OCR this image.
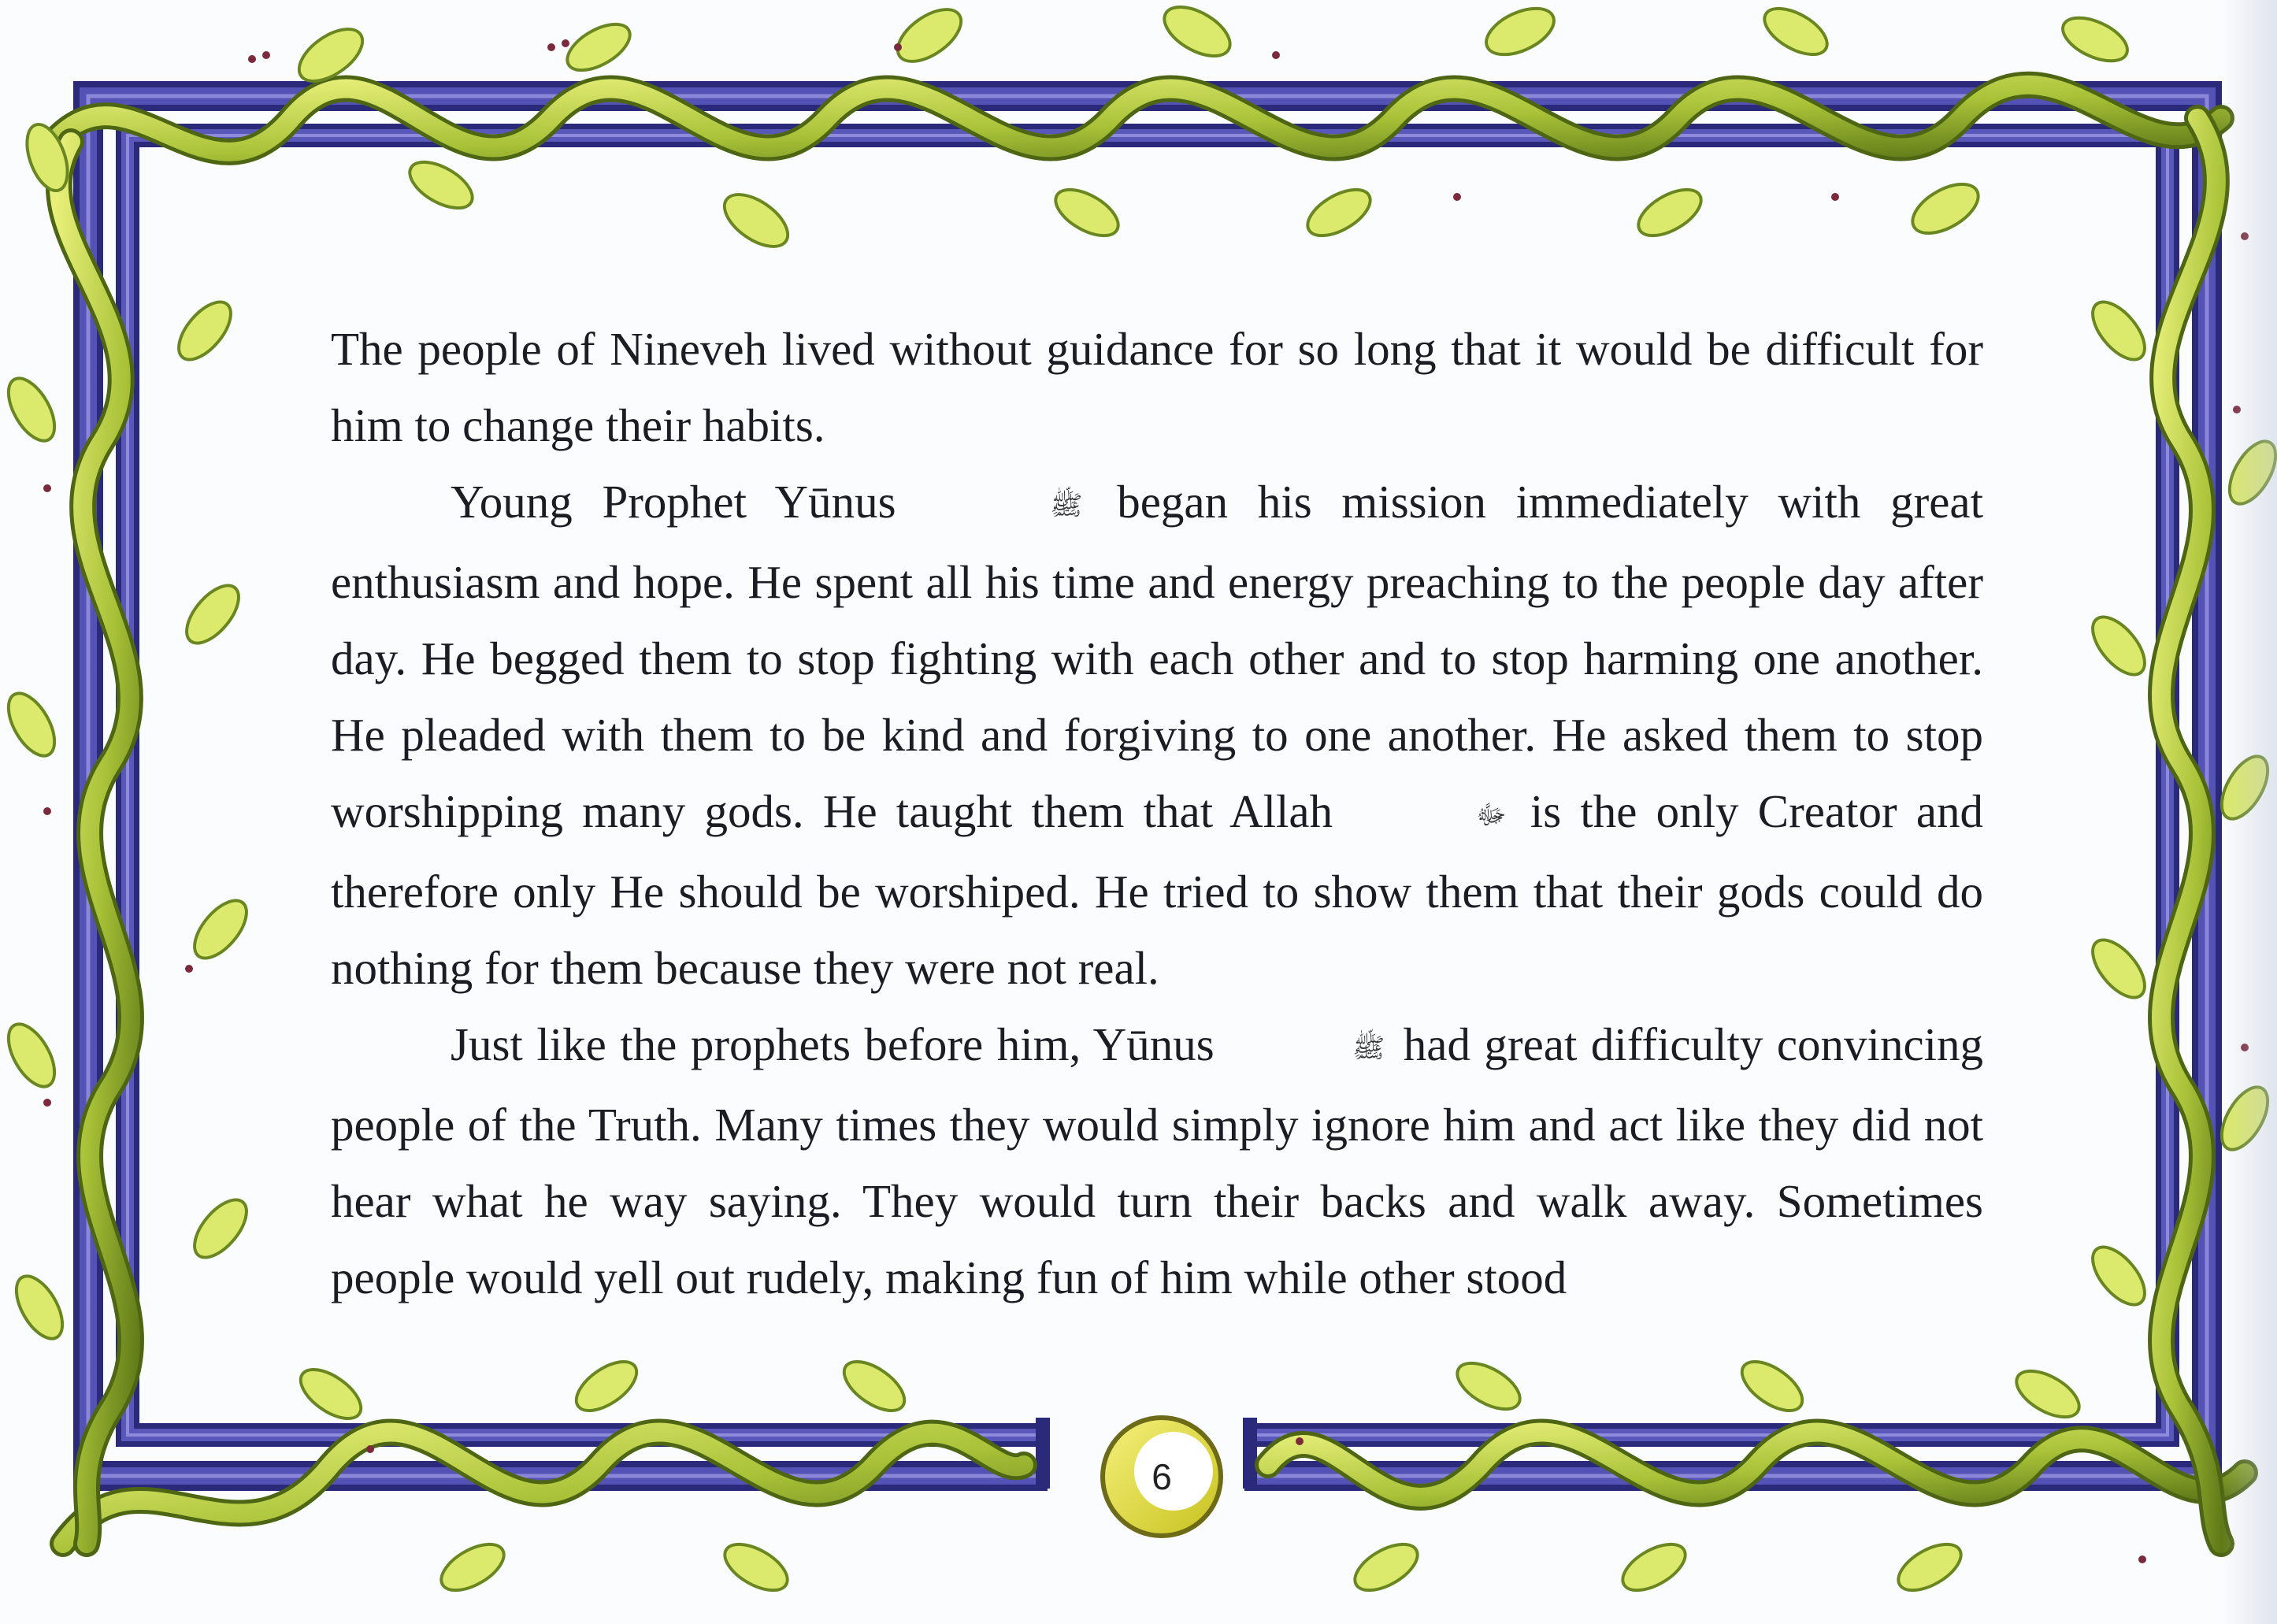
The people of Nineveh lived without guidance for so long that it would be difficult for him to change their habits.

Young Prophet Yūnus	ﷺ began his mission immediately with great enthusiasm and hope. He spent all his time and energy preaching to the people day after day. He begged them to stop fighting with each other and to stop harming one another. He pleaded with them to be kind and forgiving to one another. He asked them to stop worshipping many gods. He taught them that Allah	ﷻ is the only Creator and therefore only He should be worshiped. He tried to show them that their gods could do nothing for them because they were not real.

Just like the prophets before him, Yūnus	ﷺ had great difficulty convincing people of the Truth. Many times they would simply ignore him and act like they did not hear what he way saying. They would turn their backs and walk away. Sometimes people would yell out rudely, making fun of him while other stood

6
